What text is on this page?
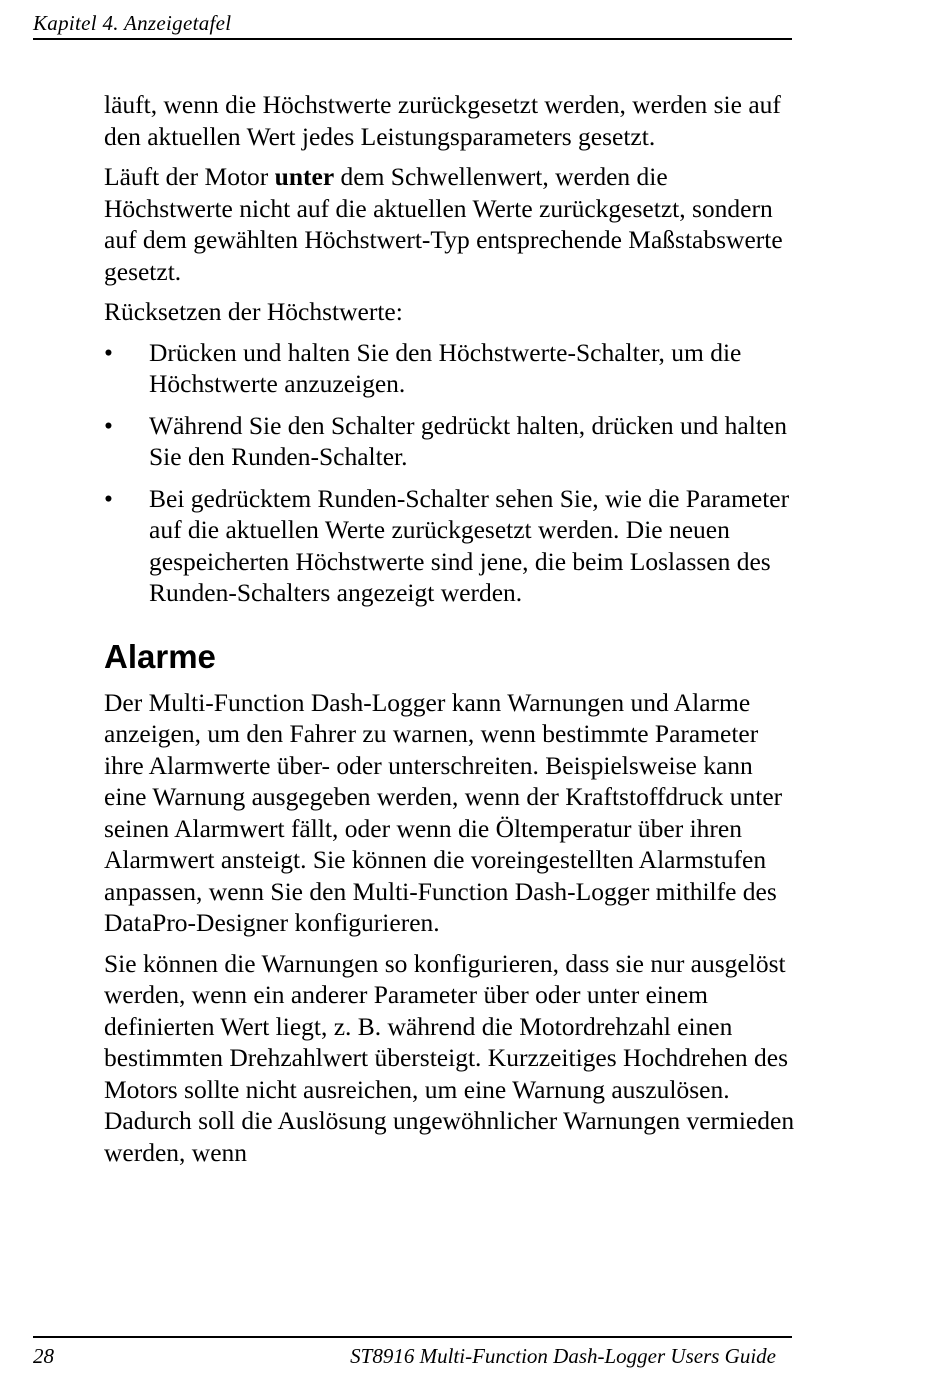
Kapitel 4. Anzeigetafel

läuft, wenn die Höchstwerte zurückgesetzt werden, werden sie auf den aktuellen Wert jedes Leistungsparameters gesetzt.

Läuft der Motor unter dem Schwellenwert, werden die Höchstwerte nicht auf die aktuellen Werte zurückgesetzt, sondern auf dem gewählten Höchstwert-Typ entsprechende Maßstabswerte gesetzt.

Rücksetzen der Höchstwerte:

• Drücken und halten Sie den Höchstwerte-Schalter, um die Höchstwerte anzuzeigen.
• Während Sie den Schalter gedrückt halten, drücken und halten Sie den Runden-Schalter.
• Bei gedrücktem Runden-Schalter sehen Sie, wie die Parameter auf die aktuellen Werte zurückgesetzt werden. Die neuen gespeicherten Höchstwerte sind jene, die beim Loslassen des Runden-Schalters angezeigt werden.
Alarme

Der Multi-Function Dash-Logger kann Warnungen und Alarme anzeigen, um den Fahrer zu warnen, wenn bestimmte Parameter ihre Alarmwerte über- oder unterschreiten. Beispielsweise kann eine Warnung ausgegeben werden, wenn der Kraftstoffdruck unter seinen Alarmwert fällt, oder wenn die Öltemperatur über ihren Alarmwert ansteigt. Sie können die voreingestellten Alarmstufen anpassen, wenn Sie den Multi-Function Dash-Logger mithilfe des DataPro-Designer konfigurieren.

Sie können die Warnungen so konfigurieren, dass sie nur ausgelöst werden, wenn ein anderer Parameter über oder unter einem definierten Wert liegt, z. B. während die Motordrehzahl einen bestimmten Drehzahlwert übersteigt. Kurzzeitiges Hochdrehen des Motors sollte nicht ausreichen, um eine Warnung auszulösen. Dadurch soll die Auslösung ungewöhnlicher Warnungen vermieden werden, wenn

28	ST8916 Multi-Function Dash-Logger Users Guide
